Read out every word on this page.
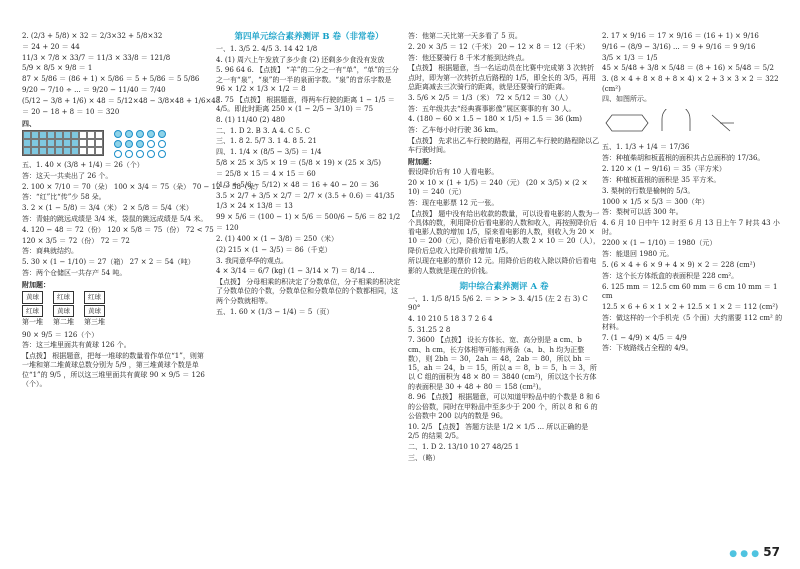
2. (2/3 + 5/8) × 32 ＝ 2/3×32 + 5/8×32

＝ 24 + 20 ＝ 44

11/3 × 7/8 × 33/7 ＝ 11/3 × 33/8 ＝ 121/8

5/9 × 8/5 × 9/8 ＝ 1

87 × 5/86 ＝ (86 + 1) × 5/86 ＝ 5 + 5/86 ＝ 5 5/86

9/20 − 7/10 ÷ ... ＝ 9/20 − 11/40 ＝ 7/40

(5/12 − 3/8 + 1/6) × 48 ＝ 5/12×48 − 3/8×48 + 1/6×48

＝ 20 − 18 + 8 ＝ 10 ＝ 320

四、

五、1. 40 × (3/8 + 1/4) ＝ 26（个）

答：这天一共卖出了 26 个。

2. 100 × 7/10 ＝ 70（朵） 100 × 3/4 ＝ 75（朵） 70 − 12 ＝ 58（朵）

答：“红”比“传”少 58 朵。

3. 2 × (1 − 5/8) ＝ 3/4（米） 2 × 5/8 ＝ 5/4（米）

答：青蛙的跳远成绩是 3/4 米，袋鼠的跳远成绩是 5/4 米。

4. 120 − 48 ＝ 72（份） 120 × 5/8 ＝ 75（份） 72 < 75

120 × 3/5 ＝ 72（份） 72 ＝ 72

答：商典就结约。

5. 30 × (1 − 1/10) ＝ 27（箱） 27 × 2 ＝ 54（吨）

答：两个仓储区一共存产 54 吨。

附加题：

黄球
红球
第一堆
红球
黄球
第二堆
红球
黄球
第三堆

90 × 9/5 ＝ 126（个）

答：这三堆里面共有黄球 126 个。

【点拨】 根据题意，把每一堆球的数量看作单位“1”，则第一堆和第二堆黄球总数分别为 5/9 ，第三堆黄球个数是单位“1”的 9/5 ，所以这三堆里面共有黄球 90 × 9/5 ＝ 126（个）。

第四单元综合素养测评 B 卷（非常卷）

一、1. 3/5 2. 4/5 3. 14 42 1/8

4. (1) 周六上午发放了多少食 (2) 还剩多少食没有发放

5. 96 64 6. 【点拨】 “羊”的二分之一有“单”，“单”的三分之一有“泉”，“泉”的一半的泉面字数。“泉”的音乐字数是 96 × 1/2 × 1/3 × 1/2 ＝ 8

7. 75 【点拨】 根据题意，得两车行驶的距离 1 − 1/5 ＝ 4/5。即此时距离 250 × (1 − 2/5 − 3/10) ＝ 75

8. (1) 11/40 (2) 480

二、1. D 2. B 3. A 4. C 5. C

三、1. 8 2. 5/7 3. 1 4. 8 5. 21

四、1. 1/4 × (8/5 − 3/5) ＝ 1/4

5/8 × 25 × 3/5 × 19 ＝ (5/8 × 19) × (25 × 3/5)

＝ 25/8 × 15 ＝ 4 × 15 ＝ 60

(1/3 + 5/6 − 5/12) × 48 ＝ 16 + 40 − 20 ＝ 36

3.5 × 2/7 + 3/5 × 2/7 ＝ 2/7 × (3.5 + 0.6) ＝ 41/35

1/3 × 24 × 13/8 ＝ 13

99 × 5/6 ＝ (100 − 1) × 5/6 ＝ 500/6 − 5/6 ＝ 82 1/2

＝ 120

2. (1) 400 × (1 − 3/8) ＝ 250（米）

(2) 215 × (1 − 3/5) ＝ 86（千克）

3. 我同意华华的观点。

4 × 3/14 ＝ 6/7 (kg) (1 − 3/14 × 7) ＝ 8/14 ...

【点拨】 分母相乘的积决定了分数单位，分子相乘的积决定了分数单位的个数，分数单位和分数单位的个数都相同，这两个分数就相等。

五、1. 60 × (1/3 − 1/4) ＝ 5（页）

答：他第二天比第一天多看了 5 页。

2. 20 × 3/5 ＝ 12（千米） 20 − 12 × 8 ＝ 12（千米）

答：他还要骑行 8 千米才能到达终点。

【点拨】 根据题意，当一名运动员在比赛中完成第 3 次转折点时，即为第一次转折点后路程的 1/5，即全长的 3/5，再用总距离减去三次骑行的距离，就是还要骑行的距离。

3. 5/6 × 2/5 ＝ 1/3（米） 72 × 5/12 ＝ 30（人）

答：五年级共去“经典赛事影像”展区赛事的有 30 人。

4. (180 − 60 × 1.5 − 180 × 1/5) ÷ 1.5 ＝ 36 (km)

答：乙车每小时行驶 36 km。

【点拨】 先求出乙车行驶的路程，再用乙车行驶的路程除以乙车行驶时间。

附加题：

假设降价后有 10 人看电影。

20 × 10 × (1 + 1/5) ＝ 240（元） (20 × 3/5) × (2 × 10) ＝ 240（元）

答：现在电影票 12 元一张。

【点拨】 题中没有给出收款的数量，可以设看电影的人数为一个具体的数，利用降价后看电影的人数和收入，再按照降价后看电影人数的增加 1/5，原来看电影的人数，则收入为 20 × 10 ＝ 200（元），降价后看电影的人数 2 × 10 ＝ 20（人），降价后总收入比降价前增加 1/5。

所以现在电影的票价 12 元。用降价后的收入除以降价后看电影的人数就是现在的价钱。

期中综合素养测评 A 卷

一、1. 1/5 8/15 5/6 2. ＝ > > > 3. 4/15 (左 2 右 3) C 90°

4. 10 210 5 18 3 7 2 6 4

5. 31.25 2 8

7. 3600 【点拨】 设长方体长、宽、高分别是 a cm、b cm、h cm，长方体相等可能有两条（a、b、h 均为正整数），则 2bh ＝ 30，2ah ＝ 48，2ab ＝ 80，所以 bh ＝ 15，ah ＝ 24，b ＝ 15，所以 a ＝ 8，b ＝ 5，h ＝ 3，所以 C 组的面积为 48 × 80 ＝ 3840 (cm²)，所以这个长方体的表面积是 30 + 48 + 80 ＝ 158 (cm²)。

8. 96 【点拨】 根据题意，可以知道甲粉品中的个数是 8 和 6 的公倍数，同时在甲粉品中至多少于 200 个，所以 8 和 6 的公倍数中 200 以内的数是 96。

10. 2/5 【点拨】 答题方法是 1/2 × 1/5 ... 所以正确的是 2/5 的结果 2/5。

二、1. D 2. 13/10 10 27 48/25 1

三、（略）

2. 17 × 9/16 ＝ 17 × 9/16 ＝ (16 + 1) × 9/16

9/16 − (8/9 − 3/16) ... ＝ 9 + 9/16 ＝ 9 9/16

3/5 × 1/3 ＝ 1/5

45 × 5/48 + 3/8 × 5/48 ＝ (8 + 16) × 5/48 ＝ 5/2

3. (8 × 4 + 8 × 8 + 8 × 4) × 2 + 3 × 3 × 2 ＝ 322 (cm²)

四、如图所示。

五、1. 1/3 + 1/4 ＝ 17/36

答：种植柴胡和板蓝根的面积共占总面积的 17/36。

2. 120 × (1 − 9/16) ＝ 35（平方米）

答：种植板蓝根的面积是 35 平方米。

3. 梨树的行数是榆树的 5/3。

1000 × 1/5 × 5/3 ＝ 300（年）

答：梨树可以活 300 年。

4. 6 月 10 日中午 12 时至 6 月 13 日上午 7 时共 43 小时。

2200 × (1 − 1/10) ＝ 1980（元）

答：能退回 1980 元。

5. (6 × 4 + 6 × 9 + 4 × 9) × 2 ＝ 228 (cm²)

答：这个长方体纸盒的表面积是 228 cm²。

6. 125 mm ＝ 12.5 cm 60 mm ＝ 6 cm 10 mm ＝ 1 cm

12.5 × 6 + 6 × 1 × 2 + 12.5 × 1 × 2 ＝ 112 (cm²)

答：做这样的一个手机壳（5 个面）大约需要 112 cm² 的材料。

7. (1 − 4/9) × 4/5 ＝ 4/9

答：下坡路线占全程的 4/9。

● ● ● 57
